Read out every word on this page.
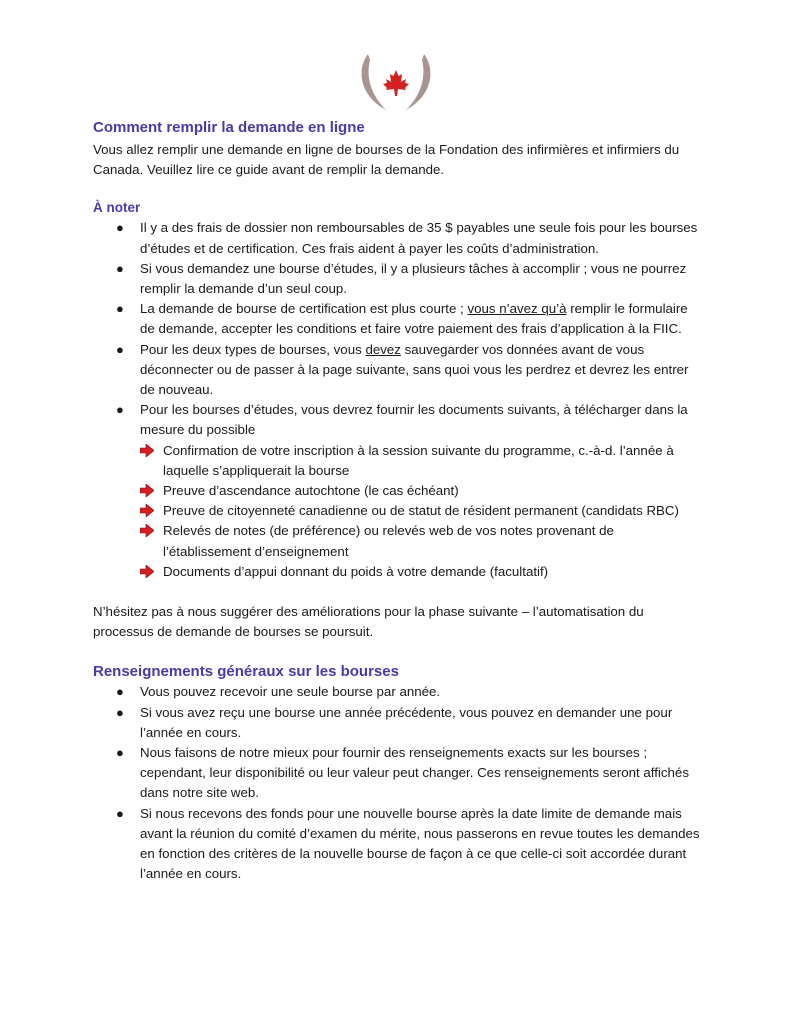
Comment remplir la demande en ligne

Vous allez remplir une demande en ligne de bourses de la Fondation des infirmières et infirmiers du Canada. Veuillez lire ce guide avant de remplir la demande.

À noter
● Il y a des frais de dossier non remboursables de 35 $ payables une seule fois pour les bourses d’études et de certification. Ces frais aident à payer les coûts d’administration.
● Si vous demandez une bourse d’études, il y a plusieurs tâches à accomplir ; vous ne pourrez remplir la demande d’un seul coup.
● La demande de bourse de certification est plus courte ; vous n’avez qu’à remplir le formulaire de demande, accepter les conditions et faire votre paiement des frais d’application à la FIIC.
● Pour les deux types de bourses, vous devez sauvegarder vos données avant de vous déconnecter ou de passer à la page suivante, sans quoi vous les perdrez et devrez les entrer de nouveau.
● Pour les bourses d’études, vous devrez fournir les documents suivants, à télécharger dans la mesure du possible
Confirmation de votre inscription à la session suivante du programme, c.-à-d. l’année à laquelle s’appliquerait la bourse
Preuve d’ascendance autochtone (le cas échéant)
Preuve de citoyenneté canadienne ou de statut de résident permanent (candidats RBC)
Relevés de notes (de préférence) ou relevés web de vos notes provenant de l’établissement d’enseignement
Documents d’appui donnant du poids à votre demande (facultatif)

N’hésitez pas à nous suggérer des améliorations pour la phase suivante – l’automatisation du processus de demande de bourses se poursuit.

Renseignements généraux sur les bourses
● Vous pouvez recevoir une seule bourse par année.
● Si vous avez reçu une bourse une année précédente, vous pouvez en demander une pour l’année en cours.
● Nous faisons de notre mieux pour fournir des renseignements exacts sur les bourses ; cependant, leur disponibilité ou leur valeur peut changer. Ces renseignements seront affichés dans notre site web.
● Si nous recevons des fonds pour une nouvelle bourse après la date limite de demande mais avant la réunion du comité d’examen du mérite, nous passerons en revue toutes les demandes en fonction des critères de la nouvelle bourse de façon à ce que celle-ci soit accordée durant l’année en cours.
